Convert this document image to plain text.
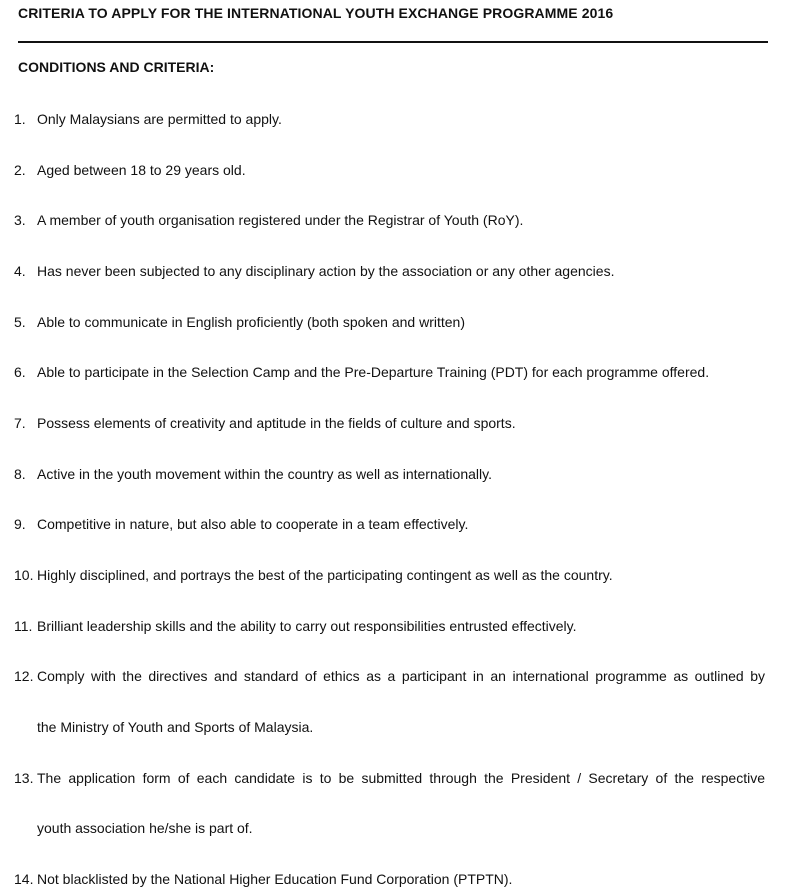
CRITERIA TO APPLY FOR THE INTERNATIONAL YOUTH EXCHANGE PROGRAMME 2016
CONDITIONS AND CRITERIA:
1. Only Malaysians are permitted to apply.
2. Aged between 18 to 29 years old.
3. A member of youth organisation registered under the Registrar of Youth (RoY).
4. Has never been subjected to any disciplinary action by the association or any other agencies.
5. Able to communicate in English proficiently (both spoken and written)
6. Able to participate in the Selection Camp and the Pre-Departure Training (PDT) for each programme offered.
7. Possess elements of creativity and aptitude in the fields of culture and sports.
8. Active in the youth movement within the country as well as internationally.
9. Competitive in nature, but also able to cooperate in a team effectively.
10. Highly disciplined, and portrays the best of the participating contingent as well as the country.
11. Brilliant leadership skills and the ability to carry out responsibilities entrusted effectively.
12. Comply with the directives and standard of ethics as a participant in an international programme as outlined by
the Ministry of Youth and Sports of Malaysia.
13. The application form of each candidate is to be submitted through the President / Secretary of the respective
youth association he/she is part of.
14. Not blacklisted by the National Higher Education Fund Corporation (PTPTN).
